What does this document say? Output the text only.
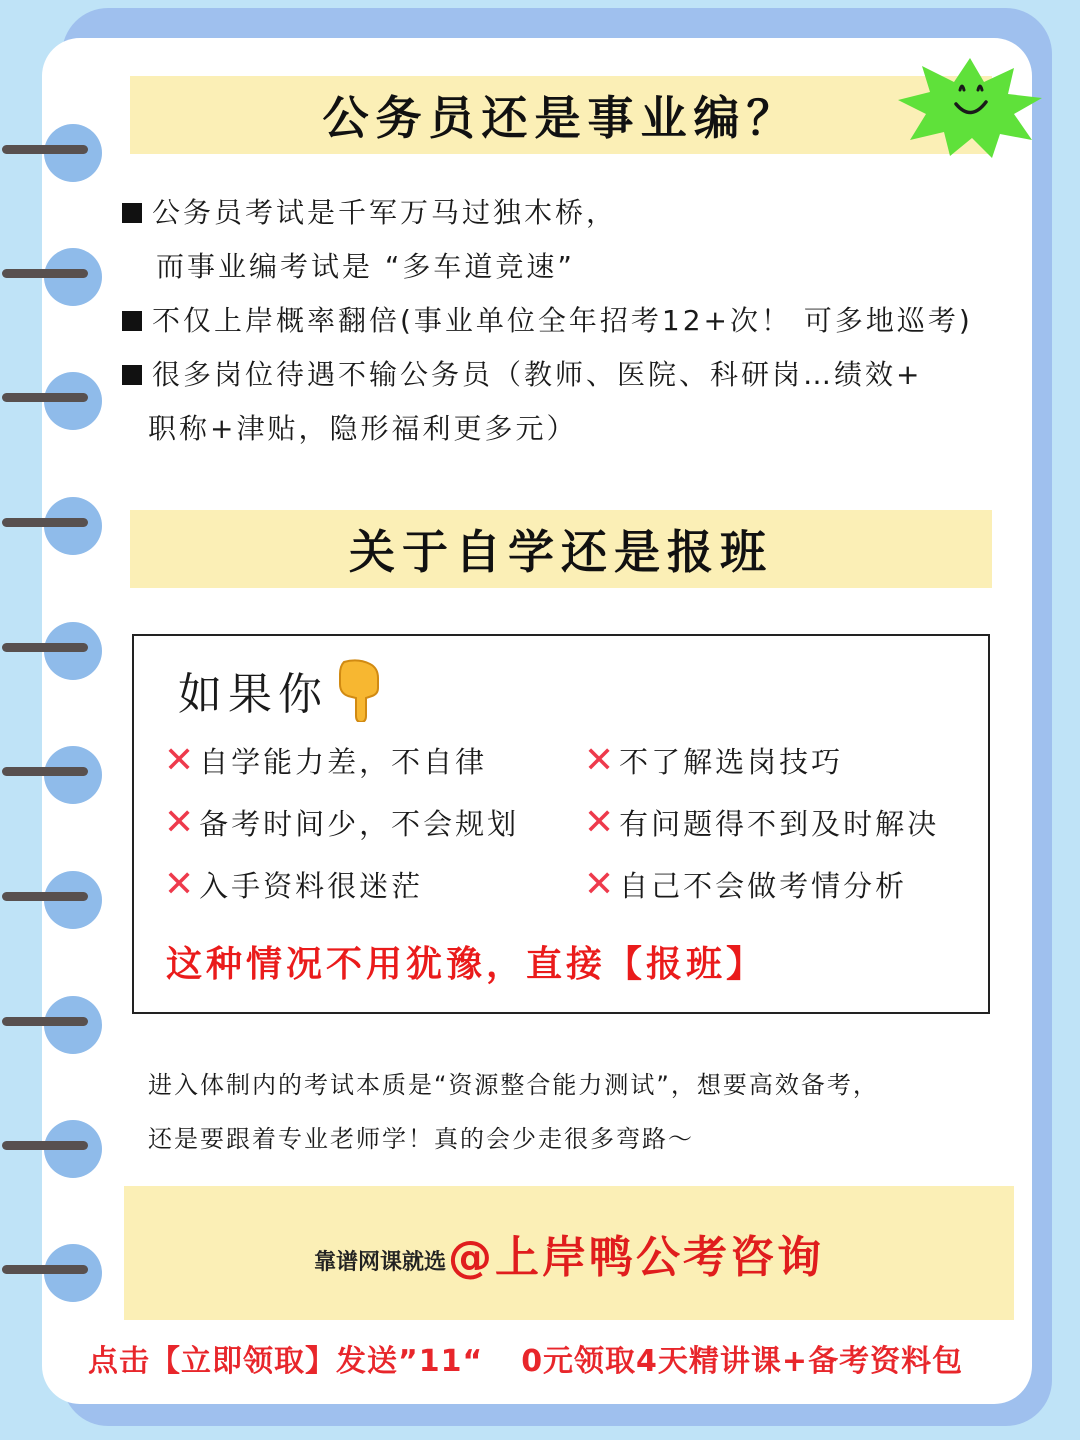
公务员还是事业编？
公务员考试是千军万马过独木桥，
而事业编考试是 “多车道竞速”
不仅上岸概率翻倍(事业单位全年招考12+次！ 可多地巡考)
很多岗位待遇不输公务员（教师、医院、科研岗…绩效+
职称+津贴，隐形福利更多元）
关于自学还是报班
如果你
✕ 自学能力差，不自律
✕ 备考时间少，不会规划
✕ 入手资料很迷茫
✕ 不了解选岗技巧
✕ 有问题得不到及时解决
✕ 自己不会做考情分析
这种情况不用犹豫，直接【报班】
进入体制内的考试本质是“资源整合能力测试”，想要高效备考，
还是要跟着专业老师学！真的会少走很多弯路～
靠谱网课就选 @上岸鸭公考咨询
点击【立即领取】发送”11“ 0元领取4天精讲课+备考资料包
